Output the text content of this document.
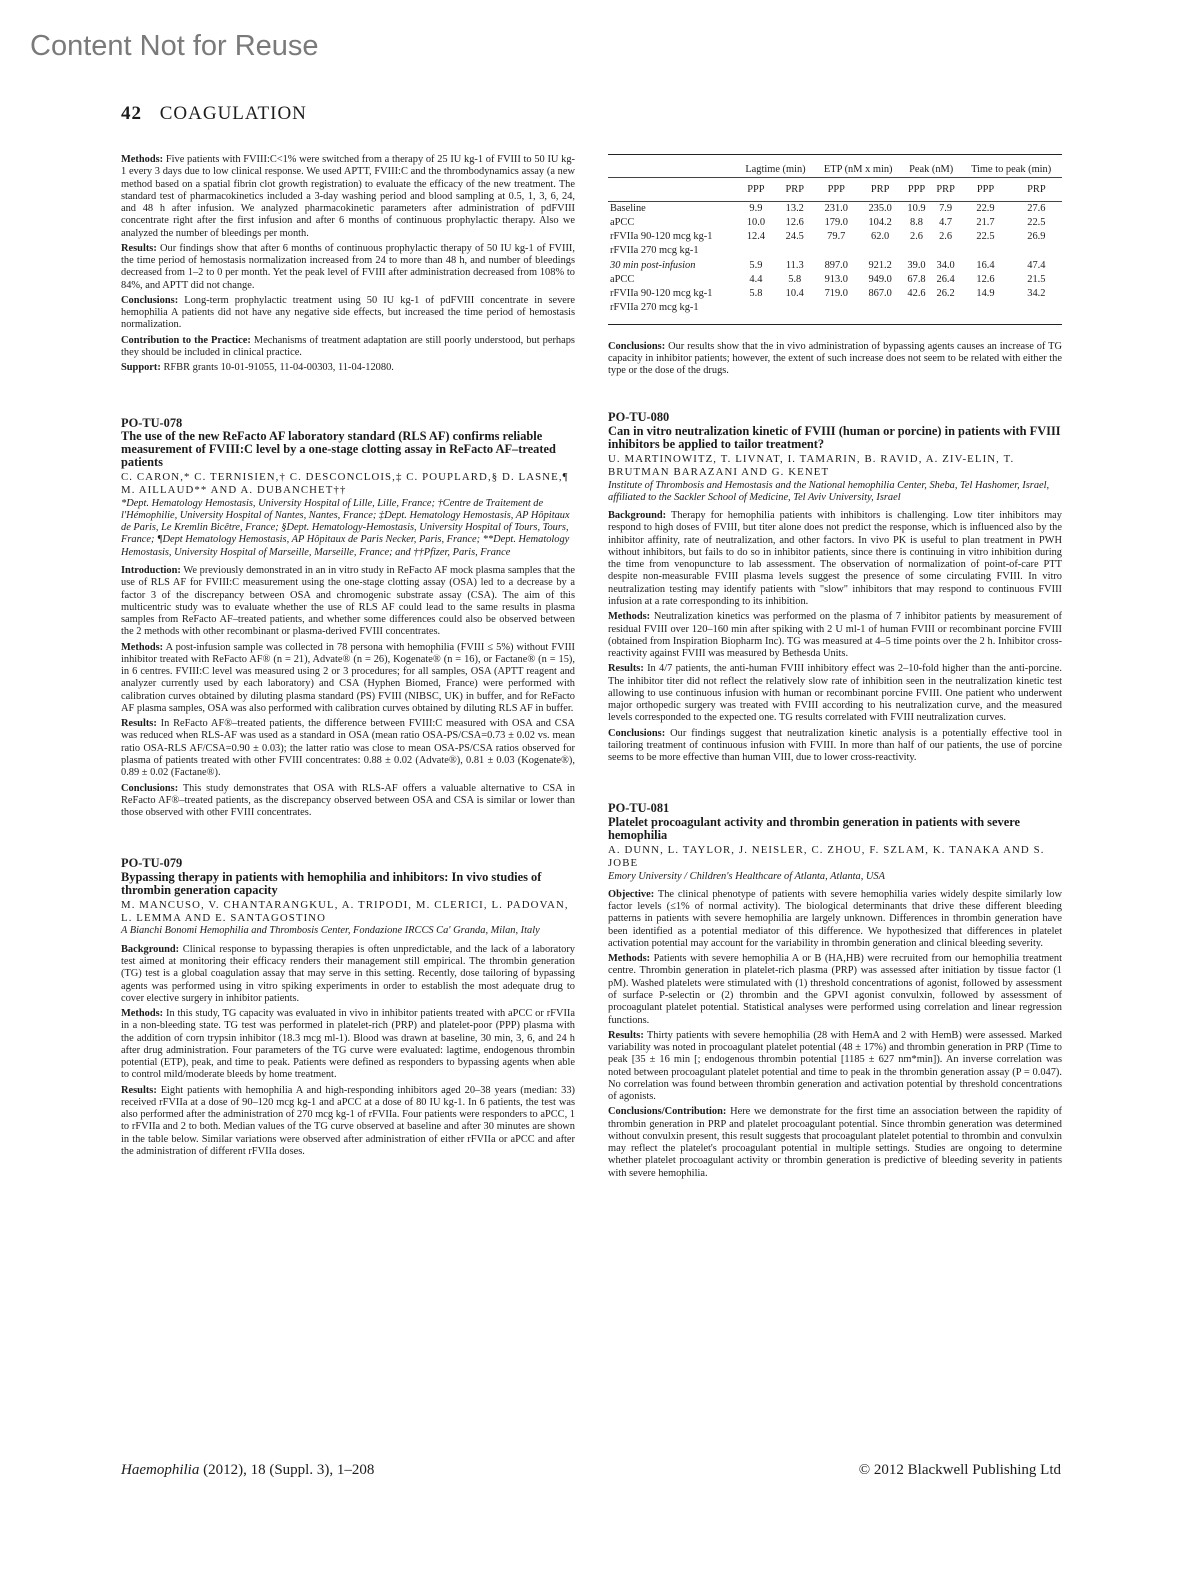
Content Not for Reuse
42 COAGULATION

Methods: Five patients with FVIII:C<1% were switched from a therapy of 25 IU kg-1 of FVIII to 50 IU kg-1 every 3 days due to low clinical response. We used APTT, FVIII:C and the thrombodynamics assay (a new method based on a spatial fibrin clot growth registration) to evaluate the efficacy of the new treatment. The standard test of pharmacokinetics included a 3-day washing period and blood sampling at 0.5, 1, 3, 6, 24, and 48 h after infusion. We analyzed pharmacokinetic parameters after administration of pdFVIII concentrate right after the first infusion and after 6 months of continuous prophylactic therapy. Also we analyzed the number of bleedings per month.

Results: Our findings show that after 6 months of continuous prophylactic therapy of 50 IU kg-1 of FVIII, the time period of hemostasis normalization increased from 24 to more than 48 h, and number of bleedings decreased from 1–2 to 0 per month. Yet the peak level of FVIII after administration decreased from 108% to 84%, and APTT did not change.

Conclusions: Long-term prophylactic treatment using 50 IU kg-1 of pdFVIII concentrate in severe hemophilia A patients did not have any negative side effects, but increased the time period of hemostasis normalization.

Contribution to the Practice: Mechanisms of treatment adaptation are still poorly understood, but perhaps they should be included in clinical practice.

Support: RFBR grants 10-01-91055, 11-04-00303, 11-04-12080.

PO-TU-078
The use of the new ReFacto AF laboratory standard (RLS AF) confirms reliable measurement of FVIII:C level by a one-stage clotting assay in ReFacto AF–treated patients
C. CARON,* C. TERNISIEN,† C. DESCONCLOIS,‡ C. POUPLARD,§ D. LASNE,¶ M. AILLAUD** AND A. DUBANCHET††
*Dept. Hematology Hemostasis, University Hospital of Lille, Lille, France; †Centre de Traitement de l'Hémophilie, University Hospital of Nantes, Nantes, France; ‡Dept. Hematology Hemostasis, AP Hôpitaux de Paris, Le Kremlin Bicêtre, France; §Dept. Hematology-Hemostasis, University Hospital of Tours, Tours, France; ¶Dept Hematology Hemostasis, AP Hôpitaux de Paris Necker, Paris, France; **Dept. Hematology Hemostasis, University Hospital of Marseille, Marseille, France; and ††Pfizer, Paris, France

Introduction: We previously demonstrated in an in vitro study in ReFacto AF mock plasma samples that the use of RLS AF for FVIII:C measurement using the one-stage clotting assay (OSA) led to a decrease by a factor 3 of the discrepancy between OSA and chromogenic substrate assay (CSA). The aim of this multicentric study was to evaluate whether the use of RLS AF could lead to the same results in plasma samples from ReFacto AF–treated patients, and whether some differences could also be observed between the 2 methods with other recombinant or plasma-derived FVIII concentrates.

Methods: A post-infusion sample was collected in 78 persona with hemophilia (FVIII ≤ 5%) without FVIII inhibitor treated with ReFacto AF® (n = 21), Advate® (n = 26), Kogenate® (n = 16), or Factane® (n = 15), in 6 centres. FVIII:C level was measured using 2 or 3 procedures; for all samples, OSA (APTT reagent and analyzer currently used by each laboratory) and CSA (Hyphen Biomed, France) were performed with calibration curves obtained by diluting plasma standard (PS) FVIII (NIBSC, UK) in buffer, and for ReFacto AF plasma samples, OSA was also performed with calibration curves obtained by diluting RLS AF in buffer.

Results: In ReFacto AF®–treated patients, the difference between FVIII:C measured with OSA and CSA was reduced when RLS-AF was used as a standard in OSA (mean ratio OSA-PS/CSA=0.73 ± 0.02 vs. mean ratio OSA-RLS AF/CSA=0.90 ± 0.03); the latter ratio was close to mean OSA-PS/CSA ratios observed for plasma of patients treated with other FVIII concentrates: 0.88 ± 0.02 (Advate®), 0.81 ± 0.03 (Kogenate®), 0.89 ± 0.02 (Factane®).

Conclusions: This study demonstrates that OSA with RLS-AF offers a valuable alternative to CSA in ReFacto AF®–treated patients, as the discrepancy observed between OSA and CSA is similar or lower than those observed with other FVIII concentrates.

PO-TU-079
Bypassing therapy in patients with hemophilia and inhibitors: In vivo studies of thrombin generation capacity
M. MANCUSO, V. CHANTARANGKUL, A. TRIPODI, M. CLERICI, L. PADOVAN, L. LEMMA AND E. SANTAGOSTINO
A Bianchi Bonomi Hemophilia and Thrombosis Center, Fondazione IRCCS Ca' Granda, Milan, Italy

Background: Clinical response to bypassing therapies is often unpredictable, and the lack of a laboratory test aimed at monitoring their efficacy renders their management still empirical. The thrombin generation (TG) test is a global coagulation assay that may serve in this setting. Recently, dose tailoring of bypassing agents was performed using in vitro spiking experiments in order to establish the most adequate drug to cover elective surgery in inhibitor patients.

Methods: In this study, TG capacity was evaluated in vivo in inhibitor patients treated with aPCC or rFVIIa in a non-bleeding state. TG test was performed in platelet-rich (PRP) and platelet-poor (PPP) plasma with the addition of corn trypsin inhibitor (18.3 mcg ml-1). Blood was drawn at baseline, 30 min, 3, 6, and 24 h after drug administration. Four parameters of the TG curve were evaluated: lagtime, endogenous thrombin potential (ETP), peak, and time to peak. Patients were defined as responders to bypassing agents when able to control mild/moderate bleeds by home treatment.

Results: Eight patients with hemophilia A and high-responding inhibitors aged 20–38 years (median: 33) received rFVIIa at a dose of 90–120 mcg kg-1 and aPCC at a dose of 80 IU kg-1. In 6 patients, the test was also performed after the administration of 270 mcg kg-1 of rFVIIa. Four patients were responders to aPCC, 1 to rFVIIa and 2 to both. Median values of the TG curve observed at baseline and after 30 minutes are shown in the table below. Similar variations were observed after administration of either rFVIIa or aPCC and after the administration of different rFVIIa doses.

	Lagtime (min)		ETP (nM x min)		Peak (nM)		Time to peak (min)	
	PPP	PRP	PPP	PRP	PPP	PRP	PPP	PRP
Baseline	9.9	13.2	231.0	235.0	10.9	7.9	22.9	27.6
aPCC	10.0	12.6	179.0	104.2	8.8	4.7	21.7	22.5
rFVIIa 90-120 mcg kg-1	12.4	24.5	79.7	62.0	2.6	2.6	22.5	26.9
rFVIIa 270 mcg kg-1								
30 min post-infusion	5.9	11.3	897.0	921.2	39.0	34.0	16.4	47.4
aPCC	4.4	5.8	913.0	949.0	67.8	26.4	12.6	21.5
rFVIIa 90-120 mcg kg-1	5.8	10.4	719.0	867.0	42.6	26.2	14.9	34.2
rFVIIa 270 mcg kg-1								

Conclusions: Our results show that the in vivo administration of bypassing agents causes an increase of TG capacity in inhibitor patients; however, the extent of such increase does not seem to be related with either the type or the dose of the drugs.

PO-TU-080
Can in vitro neutralization kinetic of FVIII (human or porcine) in patients with FVIII inhibitors be applied to tailor treatment?
U. MARTINOWITZ, T. LIVNAT, I. TAMARIN, B. RAVID, A. ZIV-ELIN, T. BRUTMAN BARAZANI AND G. KENET
Institute of Thrombosis and Hemostasis and the National hemophilia Center, Sheba, Tel Hashomer, Israel, affiliated to the Sackler School of Medicine, Tel Aviv University, Israel

Background: Therapy for hemophilia patients with inhibitors is challenging. Low titer inhibitors may respond to high doses of FVIII, but titer alone does not predict the response, which is influenced also by the inhibitor affinity, rate of neutralization, and other factors. In vivo PK is useful to plan treatment in PWH without inhibitors, but fails to do so in inhibitor patients, since there is continuing in vitro inhibition during the time from venopuncture to lab assessment. The observation of normalization of point-of-care PTT despite non-measurable FVIII plasma levels suggest the presence of some circulating FVIII. In vitro neutralization testing may identify patients with "slow" inhibitors that may respond to continuous FVIII infusion at a rate corresponding to its inhibition.

Methods: Neutralization kinetics was performed on the plasma of 7 inhibitor patients by measurement of residual FVIII over 120–160 min after spiking with 2 U ml-1 of human FVIII or recombinant porcine FVIII (obtained from Inspiration Biopharm Inc). TG was measured at 4–5 time points over the 2 h. Inhibitor cross-reactivity against FVIII was measured by Bethesda Units.

Results: In 4/7 patients, the anti-human FVIII inhibitory effect was 2–10-fold higher than the anti-porcine. The inhibitor titer did not reflect the relatively slow rate of inhibition seen in the neutralization kinetic test allowing to use continuous infusion with human or recombinant porcine FVIII. One patient who underwent major orthopedic surgery was treated with FVIII according to his neutralization curve, and the measured levels corresponded to the expected one. TG results correlated with FVIII neutralization curves.

Conclusions: Our findings suggest that neutralization kinetic analysis is a potentially effective tool in tailoring treatment of continuous infusion with FVIII. In more than half of our patients, the use of porcine seems to be more effective than human VIII, due to lower cross-reactivity.

PO-TU-081
Platelet procoagulant activity and thrombin generation in patients with severe hemophilia
A. DUNN, L. TAYLOR, J. NEISLER, C. ZHOU, F. SZLAM, K. TANAKA AND S. JOBE
Emory University / Children's Healthcare of Atlanta, Atlanta, USA

Objective: The clinical phenotype of patients with severe hemophilia varies widely despite similarly low factor levels (≤1% of normal activity). The biological determinants that drive these different bleeding patterns in patients with severe hemophilia are largely unknown. Differences in thrombin generation have been identified as a potential mediator of this difference. We hypothesized that differences in platelet activation potential may account for the variability in thrombin generation and clinical bleeding severity.

Methods: Patients with severe hemophilia A or B (HA,HB) were recruited from our hemophilia treatment centre. Thrombin generation in platelet-rich plasma (PRP) was assessed after initiation by tissue factor (1 pM). Washed platelets were stimulated with (1) threshold concentrations of agonist, followed by assessment of surface P-selectin or (2) thrombin and the GPVI agonist convulxin, followed by assessment of procoagulant platelet potential. Statistical analyses were performed using correlation and linear regression functions.

Results: Thirty patients with severe hemophilia (28 with HemA and 2 with HemB) were assessed. Marked variability was noted in procoagulant platelet potential (48 ± 17%) and thrombin generation in PRP (Time to peak [35 ± 16 min [; endogenous thrombin potential [1185 ± 627 nm*min]). An inverse correlation was noted between procoagulant platelet potential and time to peak in the thrombin generation assay (P = 0.047). No correlation was found between thrombin generation and activation potential by threshold concentrations of agonists.

Conclusions/Contribution: Here we demonstrate for the first time an association between the rapidity of thrombin generation in PRP and platelet procoagulant potential. Since thrombin generation was determined without convulxin present, this result suggests that procoagulant platelet potential to thrombin and convulxin may reflect the platelet's procoagulant potential in multiple settings. Studies are ongoing to determine whether platelet procoagulant activity or thrombin generation is predictive of bleeding severity in patients with severe hemophilia.

Haemophilia (2012), 18 (Suppl. 3), 1–208	© 2012 Blackwell Publishing Ltd
